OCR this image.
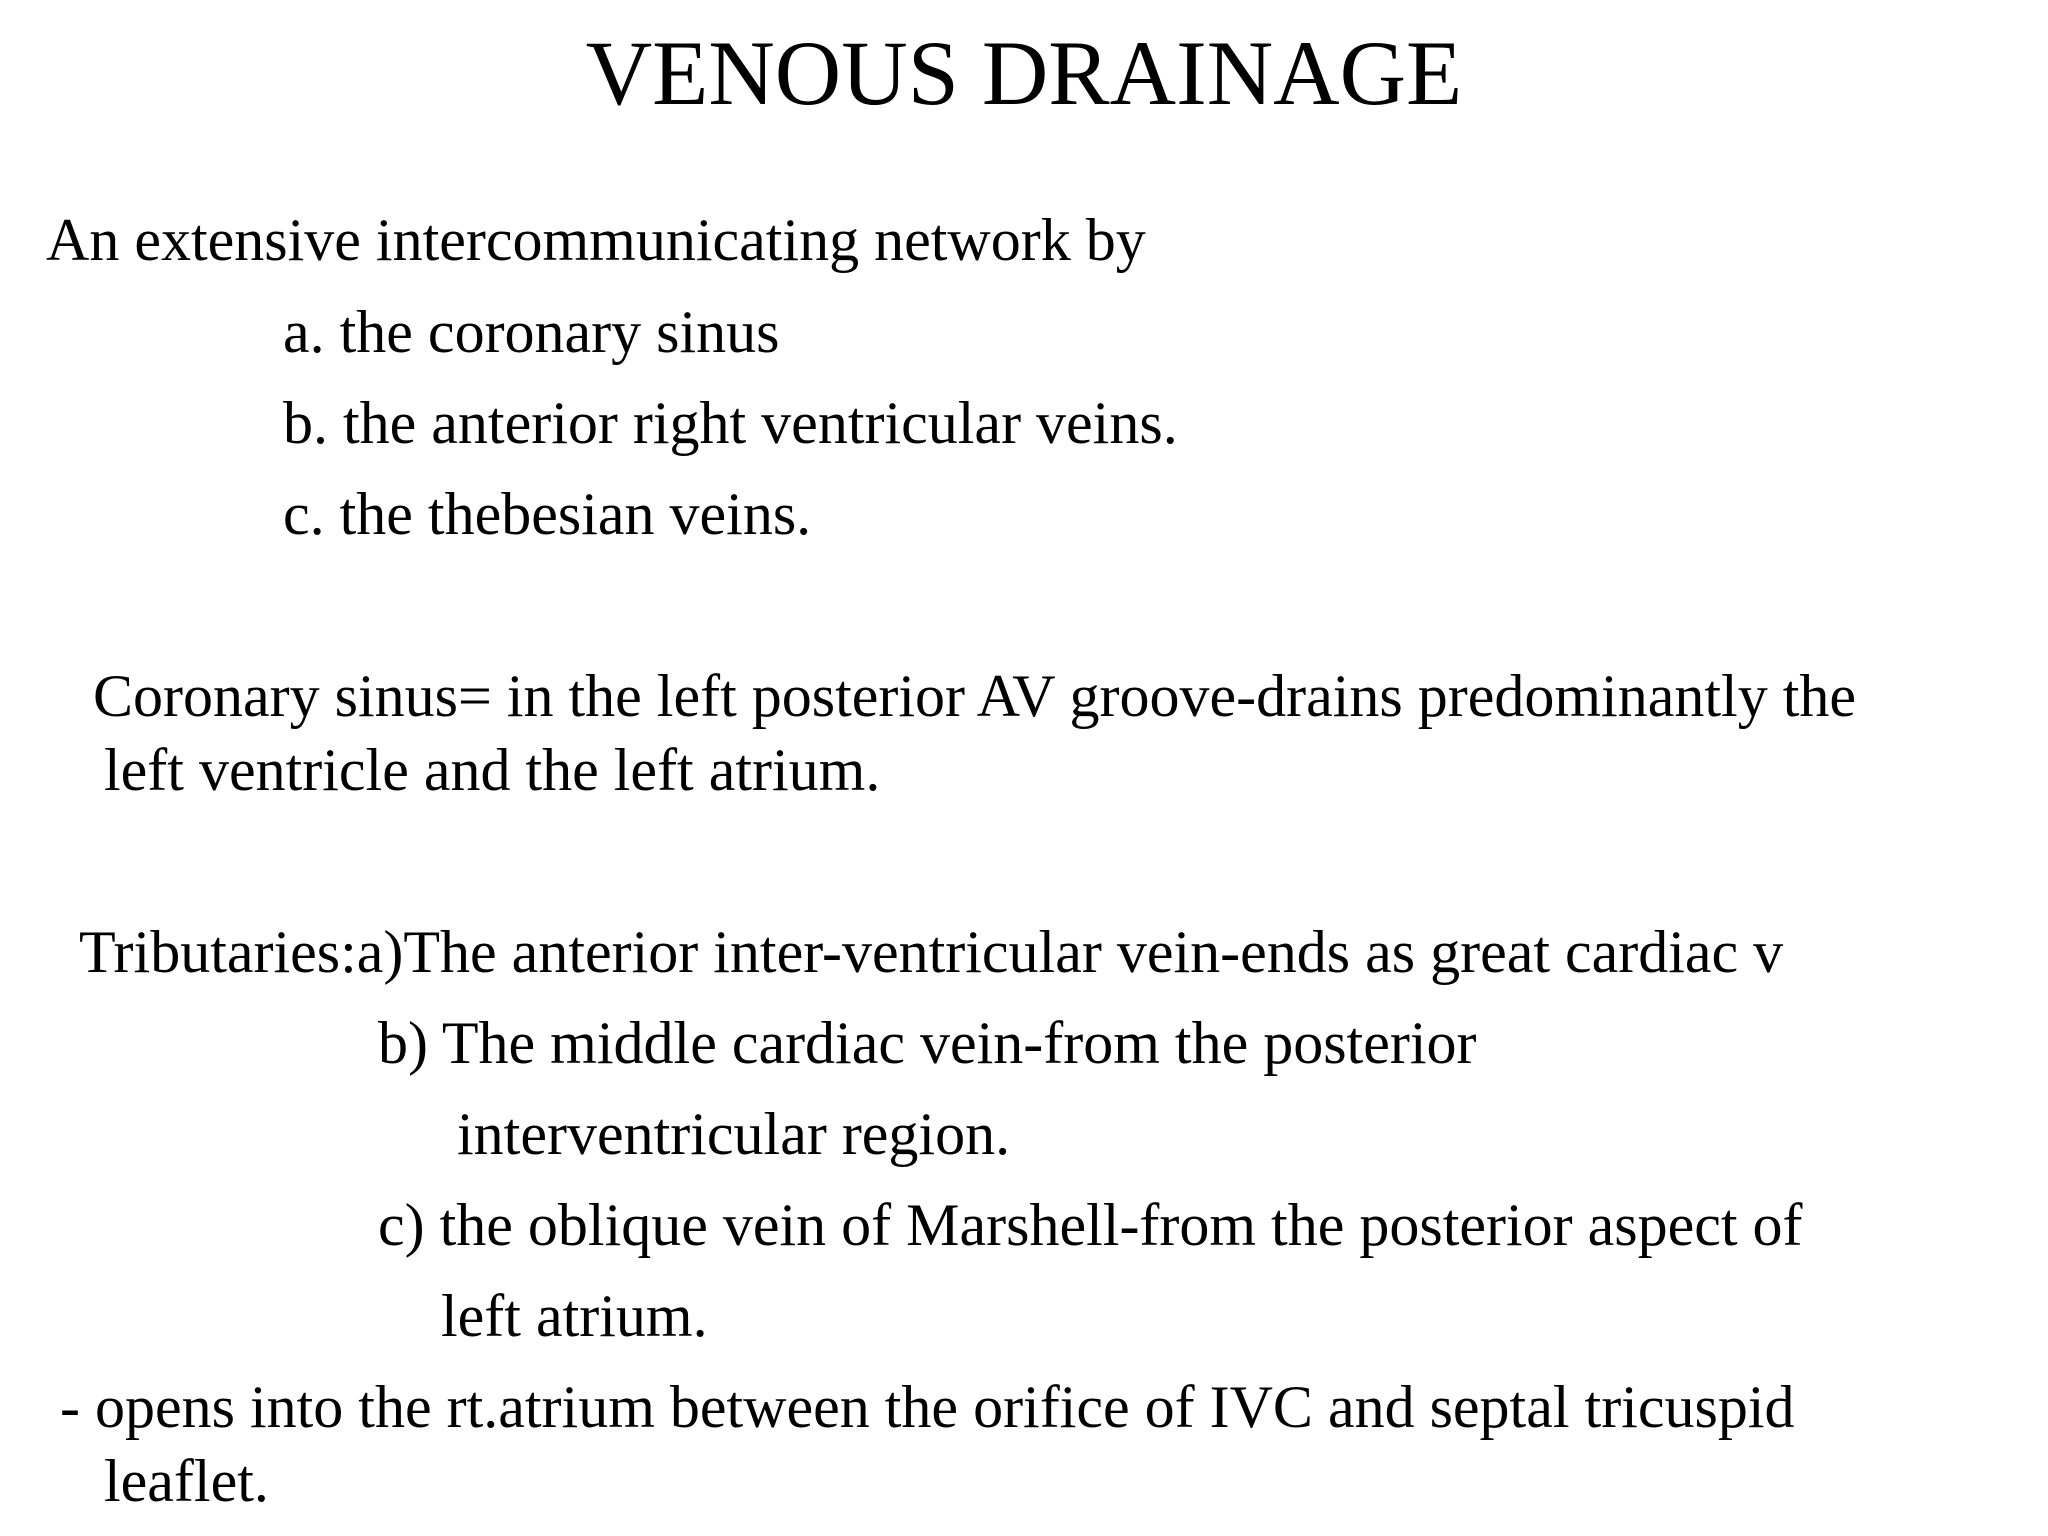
VENOUS DRAINAGE
An extensive intercommunicating network by
a. the coronary sinus
b. the anterior right ventricular veins.
c. the thebesian veins.
Coronary sinus= in the left posterior AV groove-drains predominantly the
left ventricle and the left atrium.
Tributaries:a)The anterior inter-ventricular vein-ends as great cardiac v
b) The middle cardiac vein-from the posterior
interventricular region.
c) the oblique vein of Marshell-from the posterior aspect of
left atrium.
- opens into the rt.atrium between the orifice of IVC and septal tricuspid
leaflet.
